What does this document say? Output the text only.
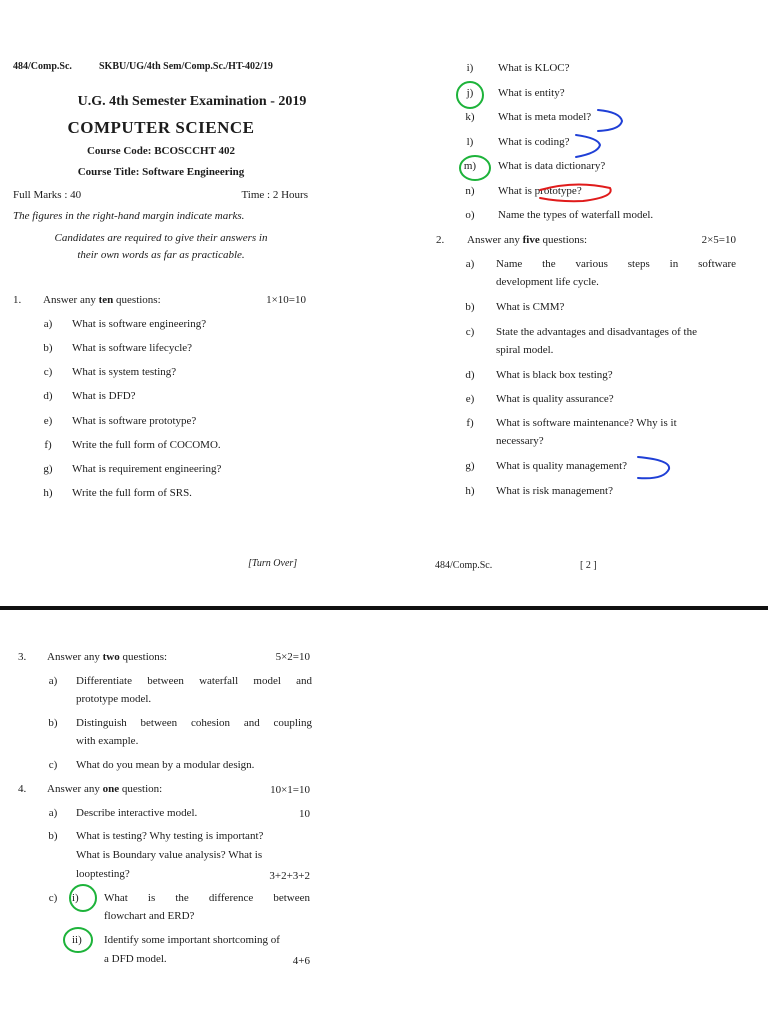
484/Comp.Sc.	SKBU/UG/4th Sem/Comp.Sc./HT-402/19
U.G. 4th Semester Examination - 2019
COMPUTER SCIENCE
Course Code: BCOSCCHT 402
Course Title: Software Engineering
Full Marks : 40	Time : 2 Hours
The figures in the right-hand margin indicate marks.
Candidates are required to give their answers in
their own words as far as practicable.
1. Answer any ten questions:	1×10=10
a)	What is software engineering?
b)	What is software lifecycle?
c)	What is system testing?
d)	What is DFD?
e)	What is software prototype?
f)	Write the full form of COCOMO.
g)	What is requirement engineering?
h)	Write the full form of SRS.
[Turn Over]
i)	What is KLOC?
j)	What is entity?
k)	What is meta model?
l)	What is coding?
m)	What is data dictionary?
n)	What is prototype?
o)	Name the types of waterfall model.
2. Answer any five questions:	2×5=10
a)	Name the various steps in software
development life cycle.
b)	What is CMM?
c)	State the advantages and disadvantages of the
spiral model.
d)	What is black box testing?
e)	What is quality assurance?
f)	What is software maintenance? Why is it
necessary?
g)	What is quality management?
h)	What is risk management?
484/Comp.Sc.	[ 2 ]
3. Answer any two questions:	5×2=10
a)	Differentiate between waterfall model and
prototype model.
b)	Distinguish between cohesion and coupling
with example.
c)	What do you mean by a modular design.
4. Answer any one question:	10×1=10
a)	Describe interactive model.	10
b)	What is testing? Why testing is important?
What is Boundary value analysis? What is
looptesting?	3+2+3+2
c)	i) What is the difference between
flowchart and ERD?
ii) Identify some important shortcoming of
a DFD model.	4+6
